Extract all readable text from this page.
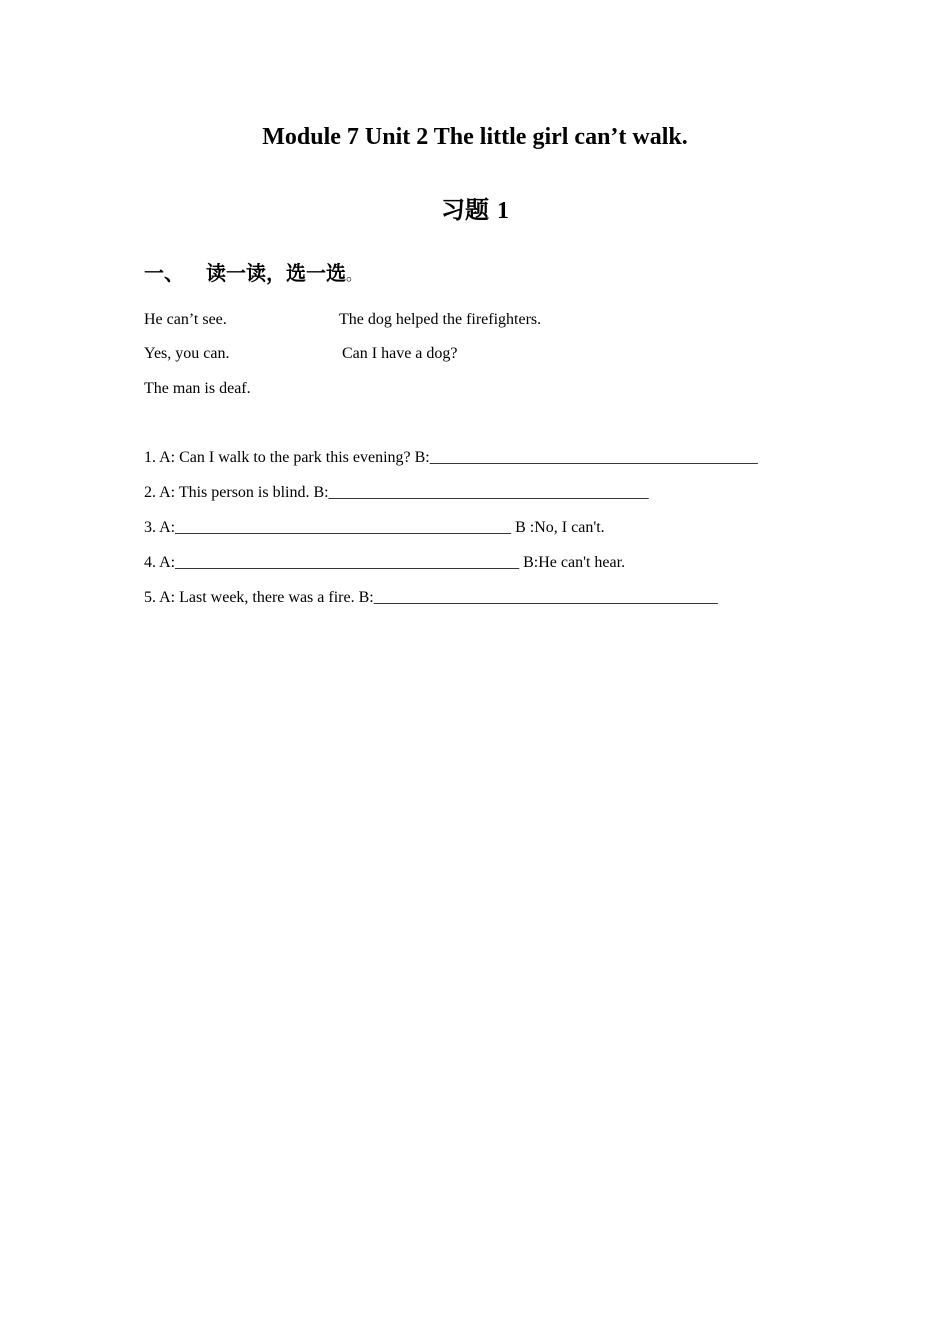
Module 7 Unit 2 The little girl can’t walk.
习题 1
一、 读一读，选一选。
He can’t see.	The dog helped the firefighters.
Yes, you can.	Can I have a dog?
The man is deaf.
1. A: Can I walk to the park this evening? B:_________________________________________
2. A: This person is blind. B:________________________________________
3. A:__________________________________________ B :No, I can't.
4. A:___________________________________________ B:He can't hear.
5. A: Last week, there was a fire. B:___________________________________________
